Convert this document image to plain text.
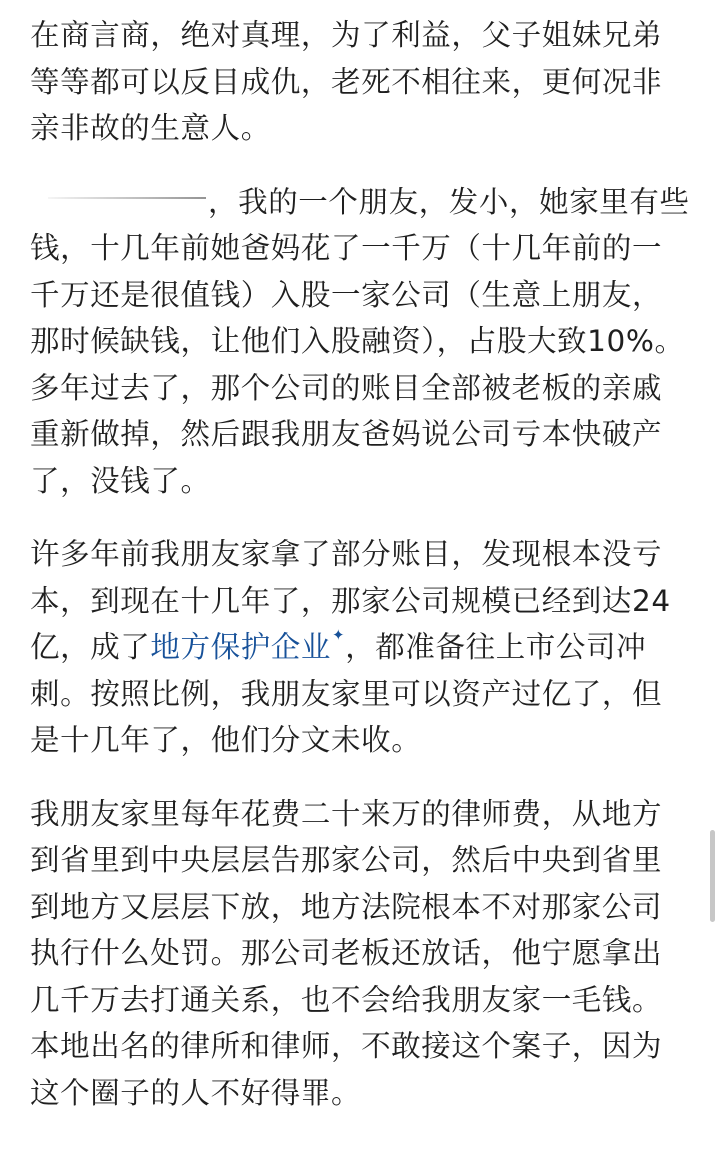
在商言商，绝对真理，为了利益，父子姐妹兄弟等等都可以反目成仇，老死不相往来，更何况非亲非故的生意人。

，我的一个朋友，发小，她家里有些钱，十几年前她爸妈花了一千万（十几年前的一千万还是很值钱）入股一家公司（生意上朋友，那时候缺钱，让他们入股融资），占股大致10%。多年过去了，那个公司的账目全部被老板的亲戚重新做掉，然后跟我朋友爸妈说公司亏本快破产了，没钱了。

许多年前我朋友家拿了部分账目，发现根本没亏本，到现在十几年了，那家公司规模已经到达24亿，成了地方保护企业✦，都准备往上市公司冲刺。按照比例，我朋友家里可以资产过亿了，但是十几年了，他们分文未收。

我朋友家里每年花费二十来万的律师费，从地方到省里到中央层层告那家公司，然后中央到省里到地方又层层下放，地方法院根本不对那家公司执行什么处罚。那公司老板还放话，他宁愿拿出几千万去打通关系，也不会给我朋友家一毛钱。本地出名的律所和律师，不敢接这个案子，因为这个圈子的人不好得罪。
